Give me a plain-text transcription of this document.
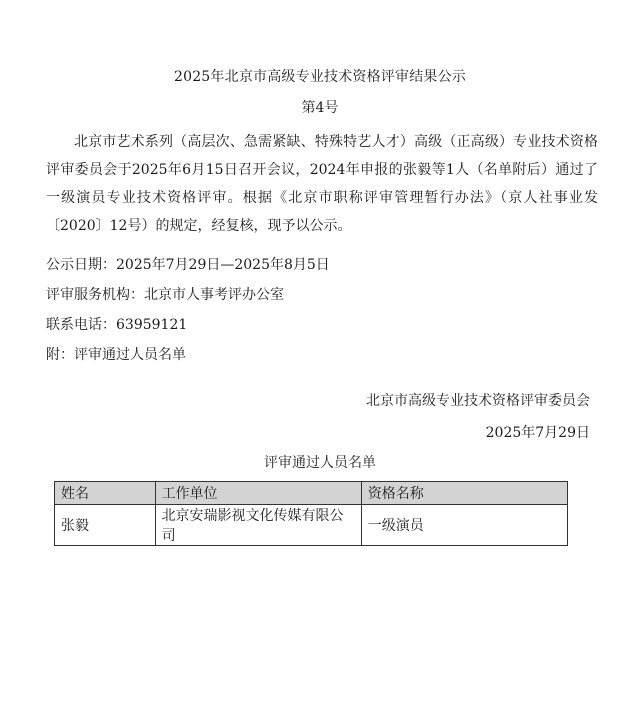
2025年北京市高级专业技术资格评审结果公示
第4号

北京市艺术系列（高层次、急需紧缺、特殊特艺人才）高级（正高级）专业技术资格评审委员会于2025年6月15日召开会议，2024年申报的张毅等1人（名单附后）通过了一级演员专业技术资格评审。根据《北京市职称评审管理暂行办法》（京人社事业发〔2020〕12号）的规定，经复核，现予以公示。

公示日期：2025年7月29日—2025年8月5日
评审服务机构：北京市人事考评办公室
联系电话：63959121
附：评审通过人员名单
北京市高级专业技术资格评审委员会
2025年7月29日
评审通过人员名单
姓名	工作单位	资格名称
张毅	北京安瑞影视文化传媒有限公司	一级演员
